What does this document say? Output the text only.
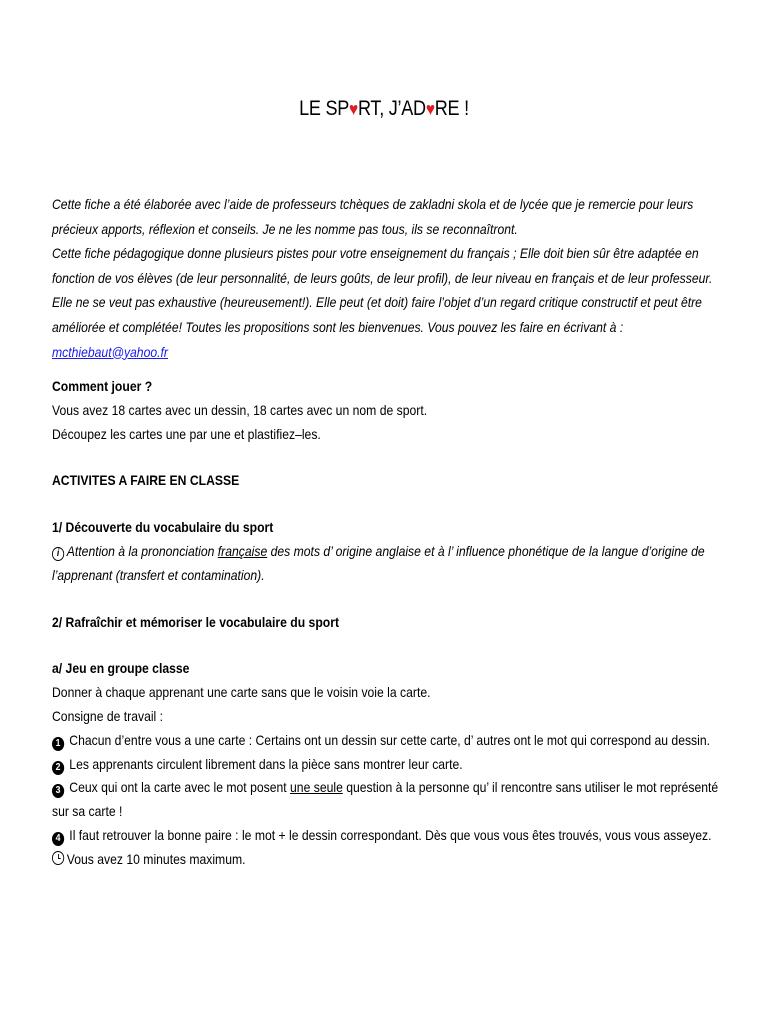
LE SP♥RT, J’AD♥RE !
Cette fiche a été élaborée avec l’aide de professeurs tchèques de zakladni skola et de lycée que je remercie pour leurs précieux apports, réflexion et conseils. Je ne les nomme pas tous, ils se reconnaîtront.
Cette fiche pédagogique donne plusieurs pistes pour votre enseignement du français ; Elle doit bien sûr être adaptée en fonction de vos élèves (de leur personnalité, de leurs goûts, de leur profil), de leur niveau en français et de leur professeur. Elle ne se veut pas exhaustive (heureusement!). Elle peut (et doit) faire l’objet d’un regard critique constructif et peut être améliorée et complétée! Toutes les propositions sont les bienvenues. Vous pouvez les faire en écrivant à : mcthiebaut@yahoo.fr
Comment jouer ?
Vous avez 18 cartes avec un dessin, 18 cartes avec un nom de sport.
Découpez les cartes une par une et plastifiez–les.
ACTIVITES A FAIRE EN CLASSE
1/ Découverte du vocabulaire du sport
i Attention à la prononciation française des mots d’ origine anglaise et à l’ influence phonétique de la langue d’origine de l’apprenant (transfert et contamination).
2/ Rafraîchir et mémoriser le vocabulaire du sport
a/ Jeu en groupe classe
Donner à chaque apprenant une carte sans que le voisin voie la carte.
Consigne de travail :
1 Chacun d’entre vous a une carte : Certains ont un dessin sur cette carte, d’ autres ont le mot qui correspond au dessin.
2 Les apprenants circulent librement dans la pièce sans montrer leur carte.
3 Ceux qui ont la carte avec le mot posent une seule question à la personne qu’ il rencontre sans utiliser le mot représenté sur sa carte !
4 Il faut retrouver la bonne paire : le mot + le dessin correspondant. Dès que vous vous êtes trouvés, vous vous asseyez.
Vous avez 10 minutes maximum.
